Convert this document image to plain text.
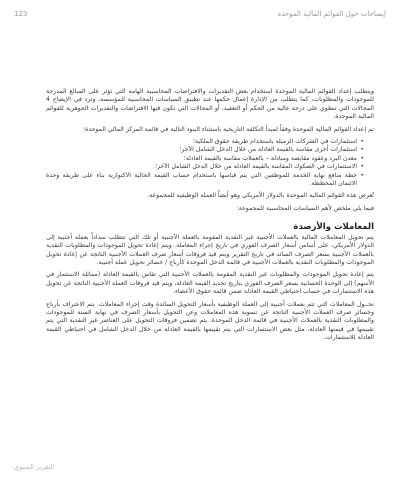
123	إيضاحات حول القوائم المالية الموحدة

ويتطلب إعداد القوائم المالية الموحدة استخدام بعض التقديرات والافتراضات المحاسبية الهامة التي تؤثر على المبالغ المدرجة للموجودات والمطلوبات، كما يتطلب من الإدارة إعمال حكمها عند تطبيق السياسات المحاسبية للمؤسسة، وترد في الإيضاح 4 المجالات التي تنطوي على درجة عالية من الحكم أو التعقيد، أو المجالات التي تكون فيها الافتراضات والتقديرات الجوهرية للقوائم المالية الموحدة.

تم إعداد القوائم المالية الموحدة وفقاً لمبدأ التكلفة التاريخية باستثناء البنود التالية في قائمة المركز المالي الموحدة:

• استثمارات في الشركات الزميلة باستخدام طريقة حقوق الملكية؛
• استثمارات أخرى مقاسة بالقيمة العادلة من خلال الدخل الشامل الآخر؛
• معدن البرد وعقود مقايضة ومبادلة – بالعملات مقاسة بالقيمة العادلة؛
• الاستثمارات في الصكوك المقاسة بالقيمة العادلة من خلال الدخل الشامل الآخر؛
• خطة منافع نهاية الخدمة للموظفين التي يتم قياسها باستخدام حساب القيمة الحالية الاكتوارية بناء على طريقة وحدة الائتمان المخططة.

تُعرض هذه القوائم المالية الموحدة بالدولار الأمريكي وهو أيضاً العملة الوظيفية للمجموعة.

فيما يلي ملخص لأهم السياسات المحاسبية للمجموعة:

المعاملات والأرصدة

يتم تحويل المعاملات المالية بالعملات الأجنبية غير النقدية المقومة بالعملة الأجنبية أو تلك التي تتطلب سداداً بعملة أجنبية إلى الدولار الأمريكي، على أساس أسعار الصرف الفوري في تاريخ إجراء المعاملة. ويتم إعادة تحويل الموجودات والمطلوبات النقدية بالعملات الأجنبية بسعر الصرف السائد في تاريخ التقرير ويتم قيد فروقات أسعار صرف العملات الأجنبية الناتجة عن إعادة تحويل الموجودات والمطلوبات النقدية بالعملات الأجنبية في قائمة الدخل الموحدة كأرباح / خسائر تحويل عملة أجنبية.

يتم إعادة تحويل الموجودات والمطلوبات غير النقدية المقومة بالعملات الأجنبية التي تقاس بالقيمة العادلة (مماثلة الاستثمار في الأسهم) إلى الوحدة الحسابية بسعر الصرف الفوري بتاريخ تحديد القيمة العادلة، ويتم قيد فروقات العملة الأجنبية الناتجة عن تحويل هذه الاستثمارات في حساب احتياطي القيمة العادلة ضمن قائمة حقوق الأعضاء.

تحــول المعاملات التي تتم بعملات أجنبية إلى العملة الوظيفية بأسعار التحويل السائدة وقت إجراء المعاملات. يتم الاعتراف بأرباح وخسائر صرف العملات الأجنبية الناتجة عن تسوية هذه المعاملات وعن التحويل بأسعار الصرف في نهاية السنة للموجودات والمطلوبات النقدية بالعملات الأجنبية في قائمة الدخل الموحدة. يتم تضمين فروقات التحويل على العناصر غير النقدية التي يتم تقييمها في قيمتها العادلة، مثل بعض الاستثمارات التي يتم تقييمها بالقيمة العادلة من خلال الدخل الشامل في احتياطي القيمة العادلة للاستثمارات.

التقرير السنوي
